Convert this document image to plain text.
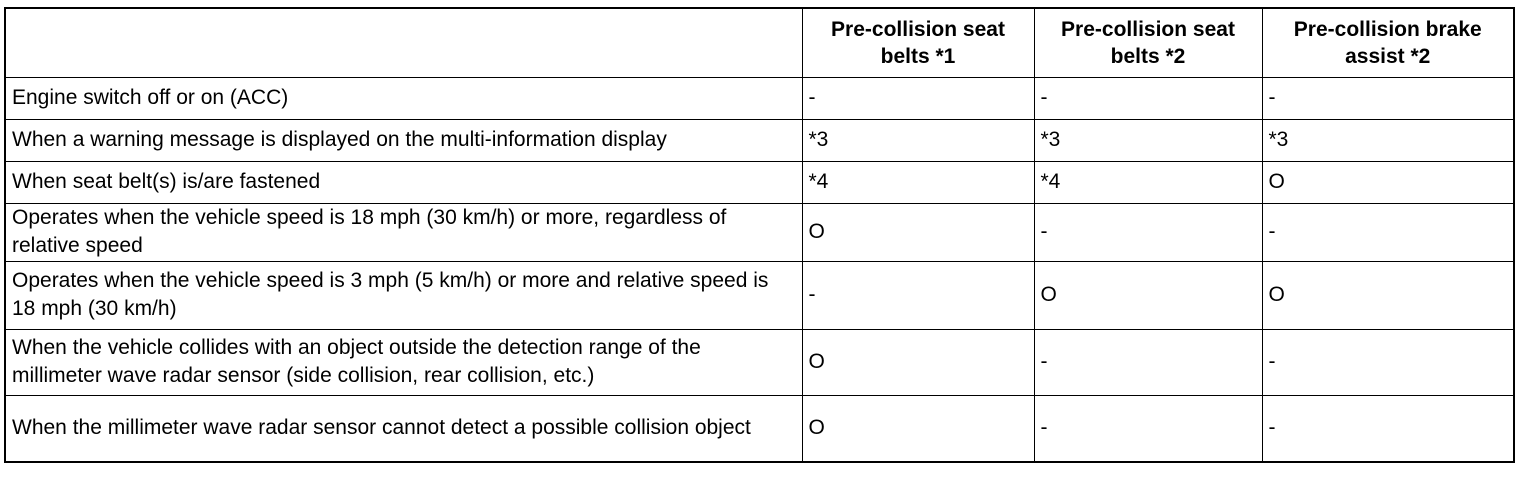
	Pre-collision seat belts *1	Pre-collision seat belts *2	Pre-collision brake assist *2
Engine switch off or on (ACC)	-	-	-
When a warning message is displayed on the multi-information display	*3	*3	*3
When seat belt(s) is/are fastened	*4	*4	O
Operates when the vehicle speed is 18 mph (30 km/h) or more, regardless of relative speed	O	-	-
Operates when the vehicle speed is 3 mph (5 km/h) or more and relative speed is 18 mph (30 km/h)	-	O	O
When the vehicle collides with an object outside the detection range of the millimeter wave radar sensor (side collision, rear collision, etc.)	O	-	-
When the millimeter wave radar sensor cannot detect a possible collision object	O	-	-
